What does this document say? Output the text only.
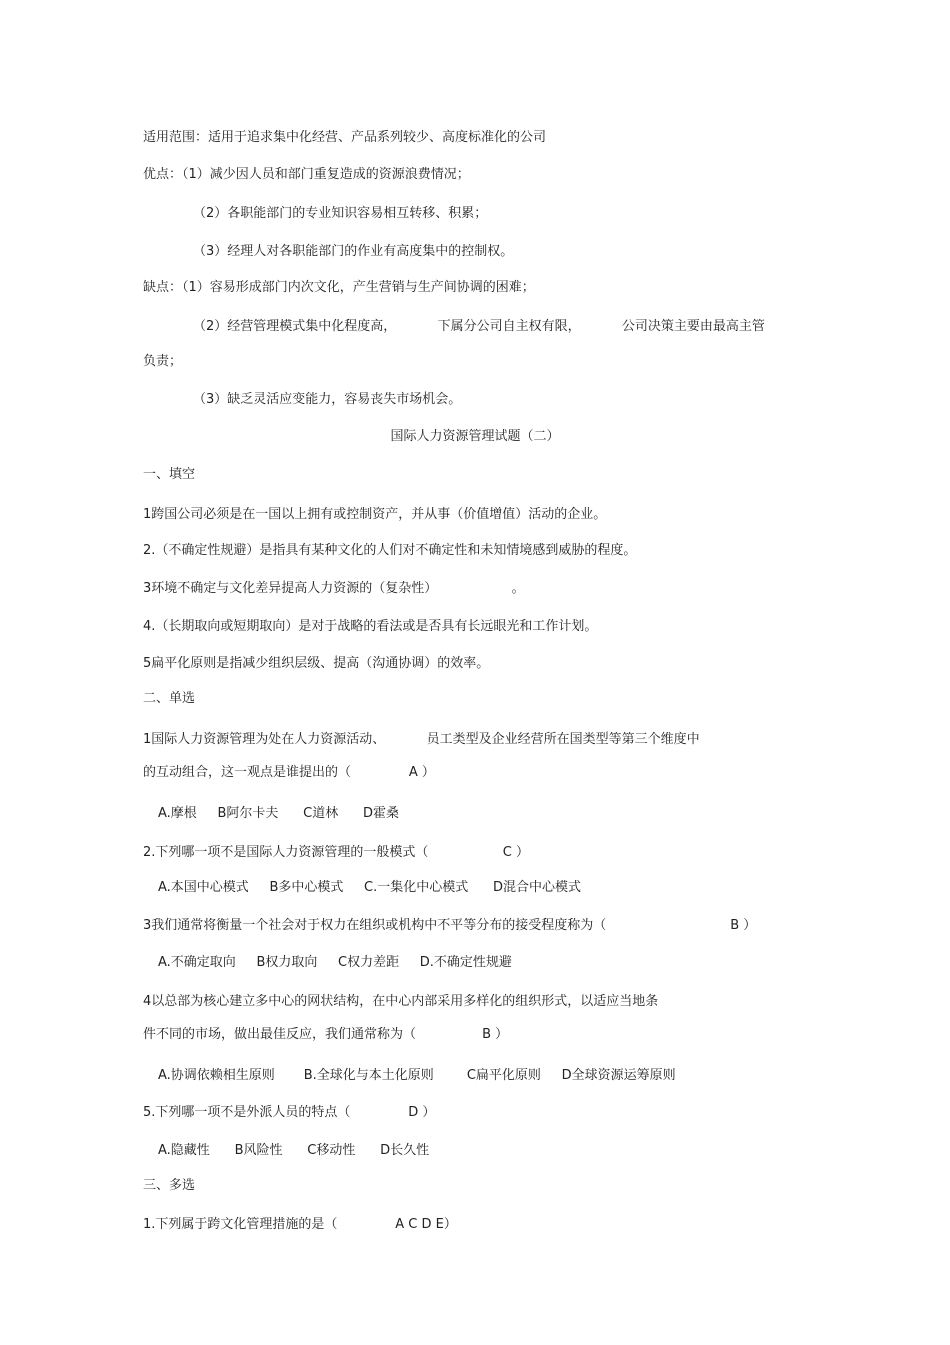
适用范围：适用于追求集中化经营、产品系列较少、高度标准化的公司
优点：（1）减少因人员和部门重复造成的资源浪费情况；
（2）各职能部门的专业知识容易相互转移、积累；
（3）经理人对各职能部门的作业有高度集中的控制权。
缺点：（1）容易形成部门内次文化，产生营销与生产间协调的困难；
（2）经营管理模式集中化程度高，          下属分公司自主权有限，          公司决策主要由最高主管
负责；
（3）缺乏灵活应变能力，容易丧失市场机会。
国际人力资源管理试题（二）
一、填空
1跨国公司必须是在一国以上拥有或控制资产，并从事（价值增值）活动的企业。
2.（不确定性规避）是指具有某种文化的人们对不确定性和未知情境感到威胁的程度。
3环境不确定与文化差异提高人力资源的（复杂性）                  。
4.（长期取向或短期取向）是对于战略的看法或是否具有长远眼光和工作计划。
5扁平化原则是指减少组织层级、提高（沟通协调）的效率。
二、单选
1国际人力资源管理为处在人力资源活动、          员工类型及企业经营所在国类型等第三个维度中
的互动组合，这一观点是谁提出的（              A ）
A.摩根     B阿尔卡夫      C道林      D霍桑
2.下列哪一项不是国际人力资源管理的一般模式（                  C ）
A.本国中心模式     B多中心模式     C.一集化中心模式      D混合中心模式
3我们通常将衡量一个社会对于权力在组织或机构中不平等分布的接受程度称为（                              B ）
A.不确定取向     B权力取向     C权力差距     D.不确定性规避
4以总部为核心建立多中心的网状结构，在中心内部采用多样化的组织形式，以适应当地条
件不同的市场，做出最佳反应，我们通常称为（                B ）
A.协调依赖相生原则       B.全球化与本土化原则        C扁平化原则     D全球资源运筹原则
5.下列哪一项不是外派人员的特点（              D ）
A.隐藏性      B风险性      C移动性      D长久性
三、多选
1.下列属于跨文化管理措施的是（              A C D E）
